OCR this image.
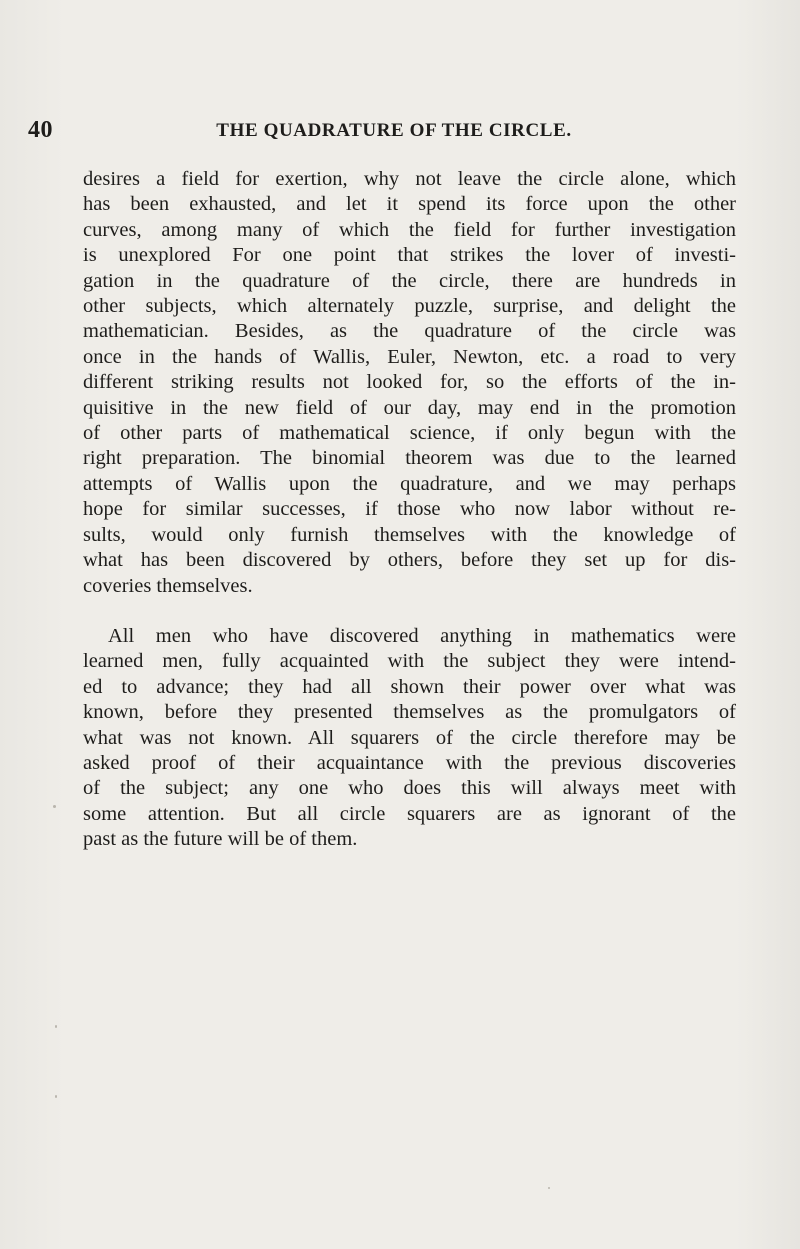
40	THE QUADRATURE OF THE CIRCLE.

desires a field for exertion, why not leave the circle alone, which
has been exhausted, and let it spend its force upon the other
curves, among many of which the field for further investigation
is unexplored For one point that strikes the lover of investi-
gation in the quadrature of the circle, there are hundreds in
other subjects, which alternately puzzle, surprise, and delight the
mathematician. Besides, as the quadrature of the circle was
once in the hands of Wallis, Euler, Newton, etc. a road to very
different striking results not looked for, so the efforts of the in-
quisitive in the new field of our day, may end in the promotion
of other parts of mathematical science, if only begun with the
right preparation. The binomial theorem was due to the learned
attempts of Wallis upon the quadrature, and we may perhaps
hope for similar successes, if those who now labor without re-
sults, would only furnish themselves with the knowledge of
what has been discovered by others, before they set up for dis-
coveries themselves.

All men who have discovered anything in mathematics were
learned men, fully acquainted with the subject they were intend-
ed to advance; they had all shown their power over what was
known, before they presented themselves as the promulgators of
what was not known. All squarers of the circle therefore may be
asked proof of their acquaintance with the previous discoveries
of the subject; any one who does this will always meet with
some attention. But all circle squarers are as ignorant of the
past as the future will be of them.
